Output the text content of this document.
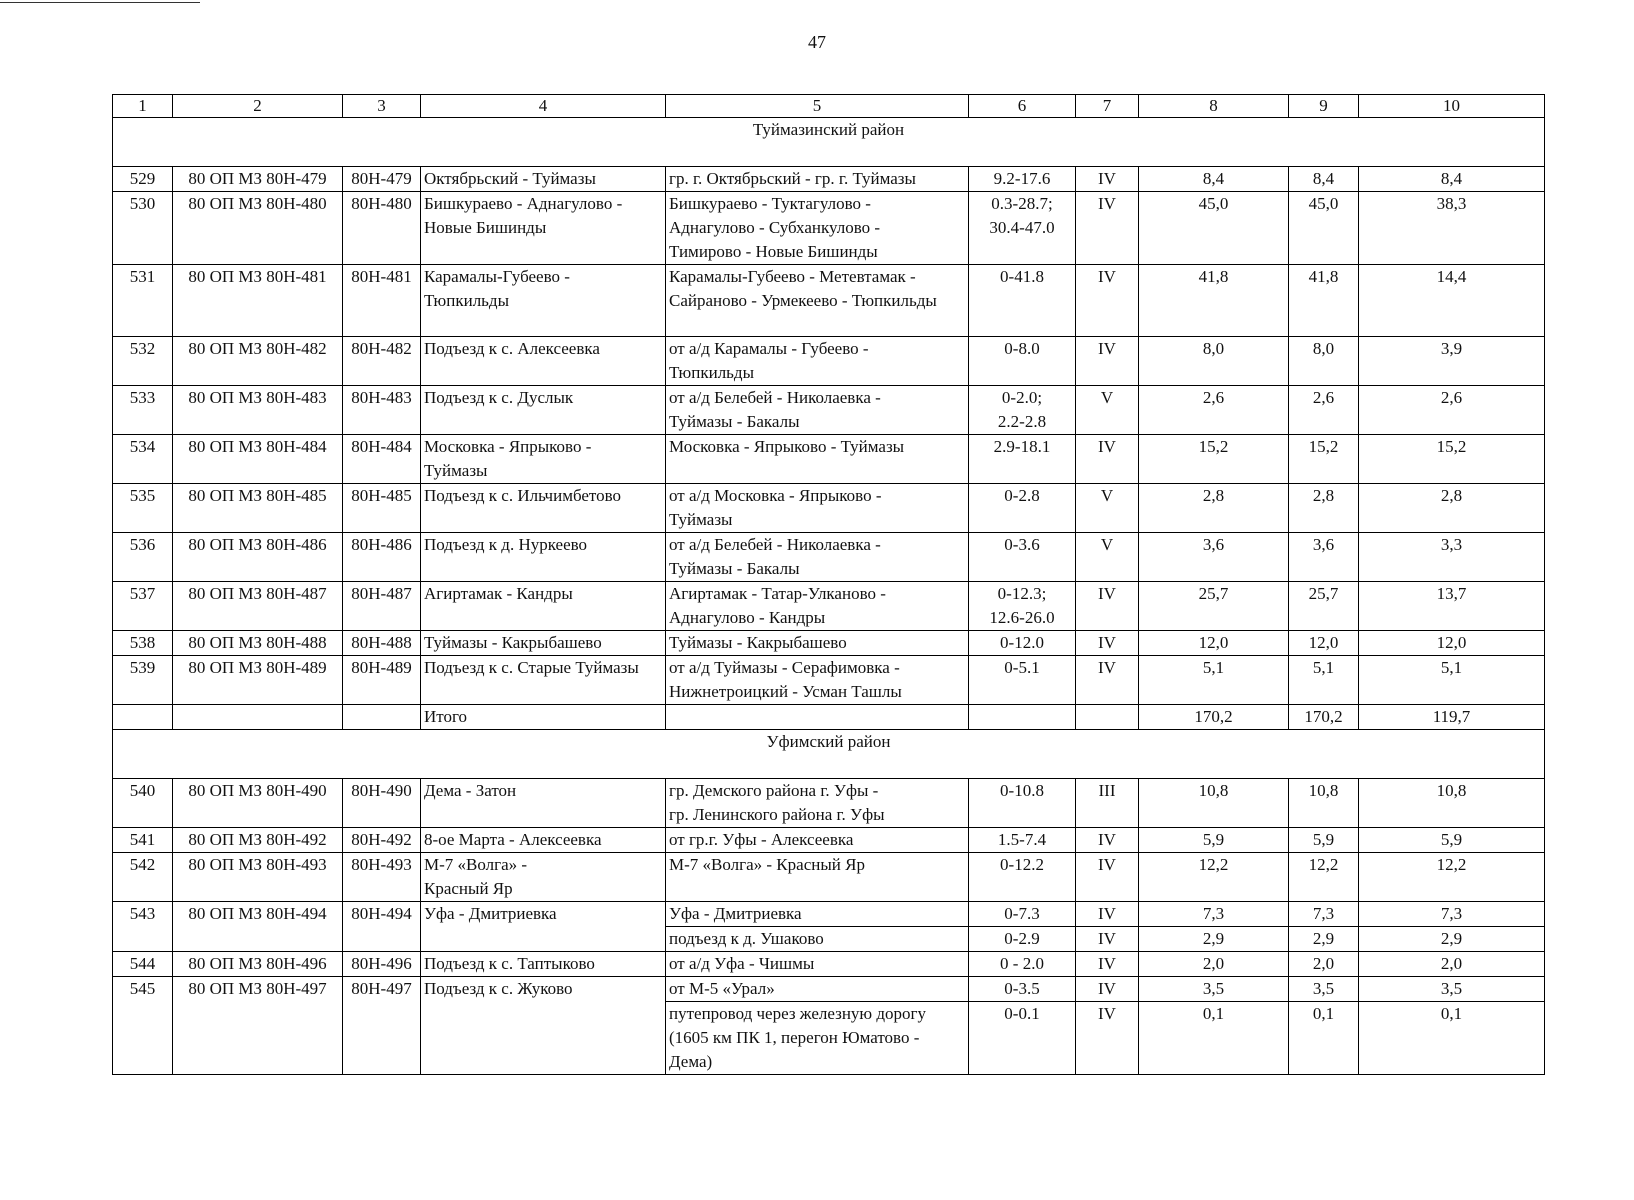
47
1	2	3	4	5	6	7	8	9	10
Туймазинский район									
529	80 ОП МЗ 80Н-479	80Н-479	Октябрьский - Туймазы	гр. г. Октябрьский - гр. г. Туймазы	9.2-17.6	IV	8,4	8,4	8,4
530	80 ОП МЗ 80Н-480	80Н-480	Бишкураево - Аднагулово -
Новые Бишинды	Бишкураево - Туктагулово -
Аднагулово - Субханкулово -
Тимирово - Новые Бишинды	0.3-28.7;
30.4-47.0	IV	45,0	45,0	38,3
531	80 ОП МЗ 80Н-481	80Н-481	Карамалы-Губеево -
Тюпкильды	Карамалы-Губеево - Метевтамак -
Сайраново - Урмекеево - Тюпкильды	0-41.8	IV	41,8	41,8	14,4
532	80 ОП МЗ 80Н-482	80Н-482	Подъезд к с. Алексеевка	от а/д Карамалы - Губеево -
Тюпкильды	0-8.0	IV	8,0	8,0	3,9
533	80 ОП МЗ 80Н-483	80Н-483	Подъезд к с. Дуслык	от а/д Белебей - Николаевка -
Туймазы - Бакалы	0-2.0;
2.2-2.8	V	2,6	2,6	2,6
534	80 ОП МЗ 80Н-484	80Н-484	Московка - Япрыково -
Туймазы	Московка - Япрыково - Туймазы	2.9-18.1	IV	15,2	15,2	15,2
535	80 ОП МЗ 80Н-485	80Н-485	Подъезд к с. Ильчимбетово	от а/д Московка - Япрыково -
Туймазы	0-2.8	V	2,8	2,8	2,8
536	80 ОП МЗ 80Н-486	80Н-486	Подъезд к д. Нуркеево	от а/д Белебей - Николаевка -
Туймазы - Бакалы	0-3.6	V	3,6	3,6	3,3
537	80 ОП МЗ 80Н-487	80Н-487	Агиртамак - Кандры	Агиртамак - Татар-Улканово -
Аднагулово - Кандры	0-12.3;
12.6-26.0	IV	25,7	25,7	13,7
538	80 ОП МЗ 80Н-488	80Н-488	Туймазы - Какрыбашево	Туймазы - Какрыбашево	0-12.0	IV	12,0	12,0	12,0
539	80 ОП МЗ 80Н-489	80Н-489	Подъезд к с. Старые Туймазы	от а/д Туймазы - Серафимовка -
Нижнетроицкий - Усман Ташлы	0-5.1	IV	5,1	5,1	5,1

			Итого				170,2	170,2	119,7
Уфимский район									
540	80 ОП МЗ 80Н-490	80Н-490	Дема - Затон	гр. Демского района г. Уфы -
гр. Ленинского района г. Уфы	0-10.8	III	10,8	10,8	10,8
541	80 ОП МЗ 80Н-492	80Н-492	8-ое Марта - Алексеевка	от гр.г. Уфы - Алексеевка	1.5-7.4	IV	5,9	5,9	5,9
542	80 ОП МЗ 80Н-493	80Н-493	М-7 «Волга» -
Красный Яр	М-7 «Волга» - Красный Яр	0-12.2	IV	12,2	12,2	12,2
543	80 ОП МЗ 80Н-494	80Н-494	Уфа - Дмитриевка	Уфа - Дмитриевка	0-7.3	IV	7,3	7,3	7,3

				подъезд к д. Ушаково	0-2.9	IV	2,9	2,9	2,9
544	80 ОП МЗ 80Н-496	80Н-496	Подъезд к с. Таптыково	от а/д Уфа - Чишмы	0 - 2.0	IV	2,0	2,0	2,0
545	80 ОП МЗ 80Н-497	80Н-497	Подъезд к с. Жуково	от М-5 «Урал»	0-3.5	IV	3,5	3,5	3,5

				путепровод через железную дорогу
(1605 км ПК 1, перегон Юматово -
Дема)	0-0.1	IV	0,1	0,1	0,1
